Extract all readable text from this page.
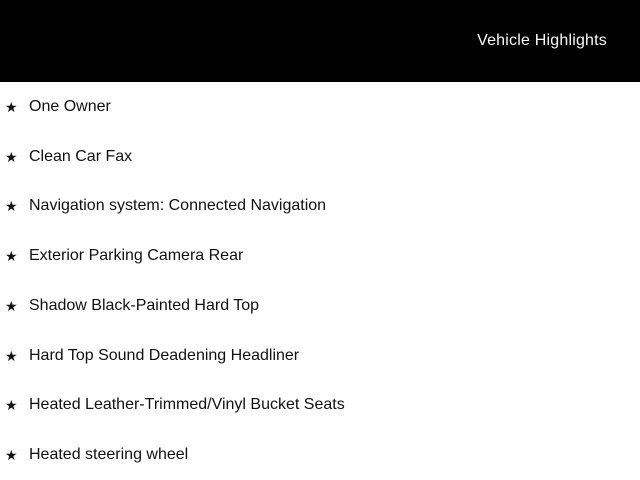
Vehicle Highlights
★ One Owner
★ Clean Car Fax
★ Navigation system: Connected Navigation
★ Exterior Parking Camera Rear
★ Shadow Black-Painted Hard Top
★ Hard Top Sound Deadening Headliner
★ Heated Leather-Trimmed/Vinyl Bucket Seats
★ Heated steering wheel
